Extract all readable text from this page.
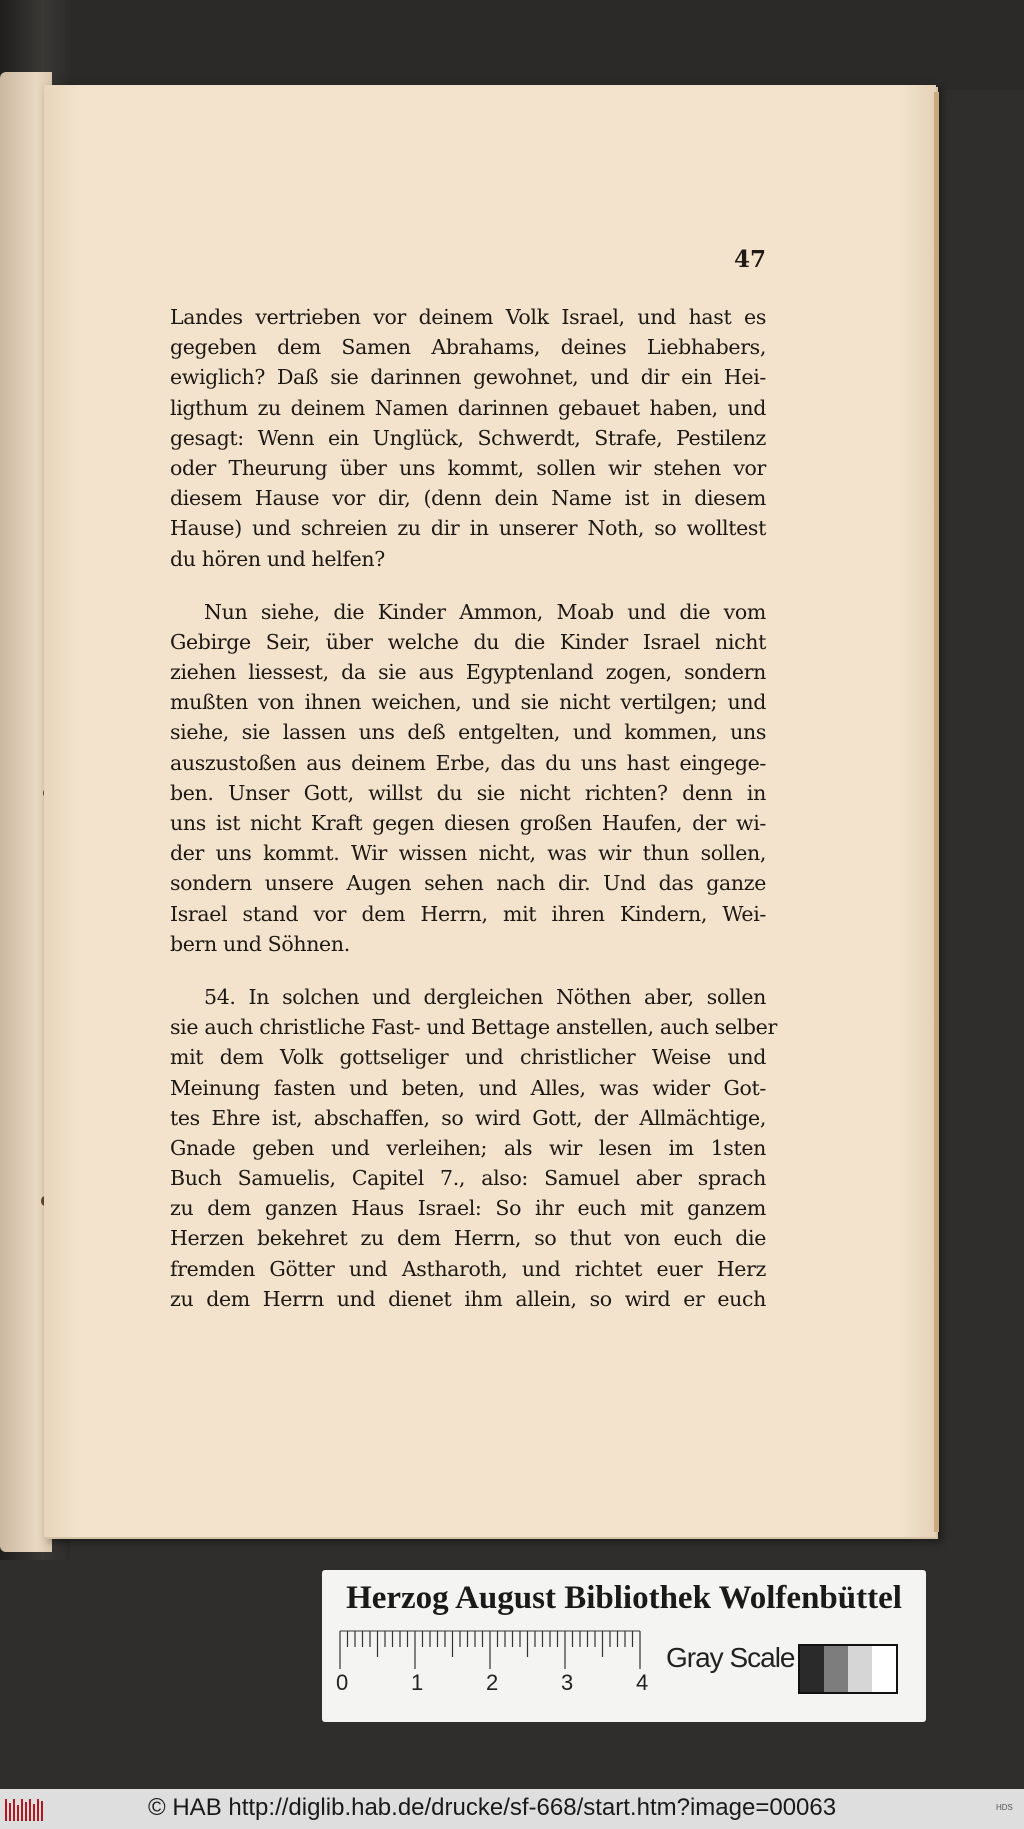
47
Landes vertrieben vor deinem Volk Israel, und hast es
gegeben dem Samen Abrahams, deines Liebhabers,
ewiglich? Daß sie darinnen gewohnet, und dir ein Hei-
ligthum zu deinem Namen darinnen gebauet haben, und
gesagt: Wenn ein Unglück, Schwerdt, Strafe, Pestilenz
oder Theurung über uns kommt, sollen wir stehen vor
diesem Hause vor dir, (denn dein Name ist in diesem
Hause) und schreien zu dir in unserer Noth, so wolltest
du hören und helfen?
Nun siehe, die Kinder Ammon, Moab und die vom
Gebirge Seir, über welche du die Kinder Israel nicht
ziehen liessest, da sie aus Egyptenland zogen, sondern
mußten von ihnen weichen, und sie nicht vertilgen; und
siehe, sie lassen uns deß entgelten, und kommen, uns
auszustoßen aus deinem Erbe, das du uns hast eingege-
ben. Unser Gott, willst du sie nicht richten? denn in
uns ist nicht Kraft gegen diesen großen Haufen, der wi-
der uns kommt. Wir wissen nicht, was wir thun sollen,
sondern unsere Augen sehen nach dir. Und das ganze
Israel stand vor dem Herrn, mit ihren Kindern, Wei-
bern und Söhnen.
54. In solchen und dergleichen Nöthen aber, sollen
sie auch christliche Fast- und Bettage anstellen, auch selber
mit dem Volk gottseliger und christlicher Weise und
Meinung fasten und beten, und Alles, was wider Got-
tes Ehre ist, abschaffen, so wird Gott, der Allmächtige,
Gnade geben und verleihen; als wir lesen im 1sten
Buch Samuelis, Capitel 7., also: Samuel aber sprach
zu dem ganzen Haus Israel: So ihr euch mit ganzem
Herzen bekehret zu dem Herrn, so thut von euch die
fremden Götter und Astharoth, und richtet euer Herz
zu dem Herrn und dienet ihm allein, so wird er euch
Herzog August Bibliothek Wolfenbüttel
0	1	2	3	4
Gray Scale
© HAB http://diglib.hab.de/drucke/sf-668/start.htm?image=00063	HDS
